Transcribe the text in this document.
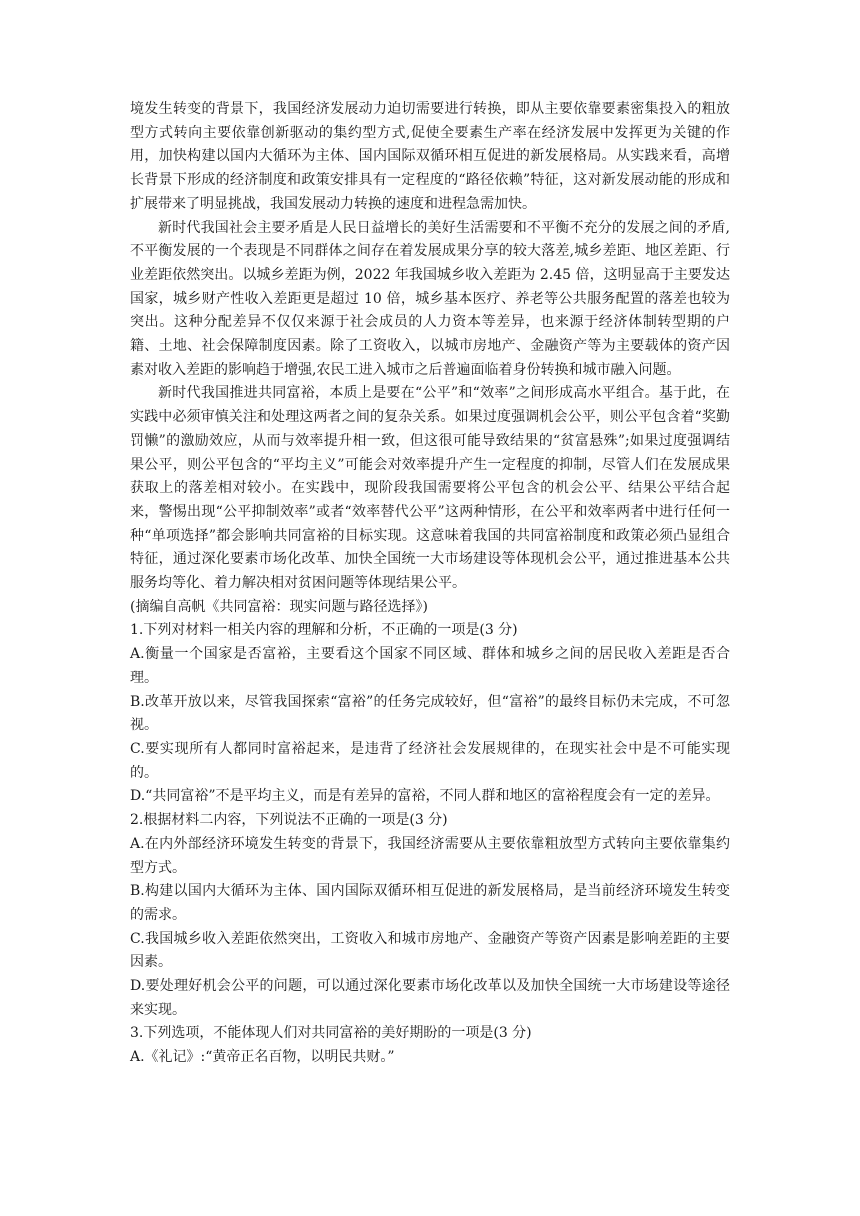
境发生转变的背景下，我国经济发展动力迫切需要进行转换，即从主要依靠要素密集投入的粗放型方式转向主要依靠创新驱动的集约型方式,促使全要素生产率在经济发展中发挥更为关键的作用，加快构建以国内大循环为主体、国内国际双循环相互促进的新发展格局。从实践来看，高增长背景下形成的经济制度和政策安排具有一定程度的“路径依赖”特征，这对新发展动能的形成和扩展带来了明显挑战，我国发展动力转换的速度和进程急需加快。

新时代我国社会主要矛盾是人民日益增长的美好生活需要和不平衡不充分的发展之间的矛盾,不平衡发展的一个表现是不同群体之间存在着发展成果分享的较大落差,城乡差距、地区差距、行业差距依然突出。以城乡差距为例，2022 年我国城乡收入差距为 2.45 倍，这明显高于主要发达国家，城乡财产性收入差距更是超过 10 倍，城乡基本医疗、养老等公共服务配置的落差也较为突出。这种分配差异不仅仅来源于社会成员的人力资本等差异，也来源于经济体制转型期的户籍、土地、社会保障制度因素。除了工资收入，以城市房地产、金融资产等为主要载体的资产因素对收入差距的影响趋于增强,农民工进入城市之后普遍面临着身份转换和城市融入问题。

新时代我国推进共同富裕，本质上是要在“公平”和“效率”之间形成高水平组合。基于此，在实践中必须审慎关注和处理这两者之间的复杂关系。如果过度强调机会公平，则公平包含着“奖勤罚懒”的激励效应，从而与效率提升相一致，但这很可能导致结果的“贫富悬殊”;如果过度强调结果公平，则公平包含的“平均主义”可能会对效率提升产生一定程度的抑制，尽管人们在发展成果获取上的落差相对较小。在实践中，现阶段我国需要将公平包含的机会公平、结果公平结合起来，警惕出现“公平抑制效率”或者“效率替代公平”这两种情形，在公平和效率两者中进行任何一种“单项选择”都会影响共同富裕的目标实现。这意味着我国的共同富裕制度和政策必须凸显组合特征，通过深化要素市场化改革、加快全国统一大市场建设等体现机会公平，通过推进基本公共服务均等化、着力解决相对贫困问题等体现结果公平。

(摘编自高帆《共同富裕：现实问题与路径选择》)

1.下列对材料一相关内容的理解和分析，不正确的一项是(3 分)

A.衡量一个国家是否富裕，主要看这个国家不同区域、群体和城乡之间的居民收入差距是否合理。

B.改革开放以来，尽管我国探索“富裕”的任务完成较好，但“富裕”的最终目标仍未完成，不可忽视。

C.要实现所有人都同时富裕起来，是违背了经济社会发展规律的，在现实社会中是不可能实现的。

D.“共同富裕”不是平均主义，而是有差异的富裕，不同人群和地区的富裕程度会有一定的差异。

2.根据材料二内容，下列说法不正确的一项是(3 分)

A.在内外部经济环境发生转变的背景下，我国经济需要从主要依靠粗放型方式转向主要依靠集约型方式。

B.构建以国内大循环为主体、国内国际双循环相互促进的新发展格局，是当前经济环境发生转变的需求。

C.我国城乡收入差距依然突出，工资收入和城市房地产、金融资产等资产因素是影响差距的主要因素。

D.要处理好机会公平的问题，可以通过深化要素市场化改革以及加快全国统一大市场建设等途径来实现。

3.下列选项，不能体现人们对共同富裕的美好期盼的一项是(3 分)

A.《礼记》:“黄帝正名百物，以明民共财。”
